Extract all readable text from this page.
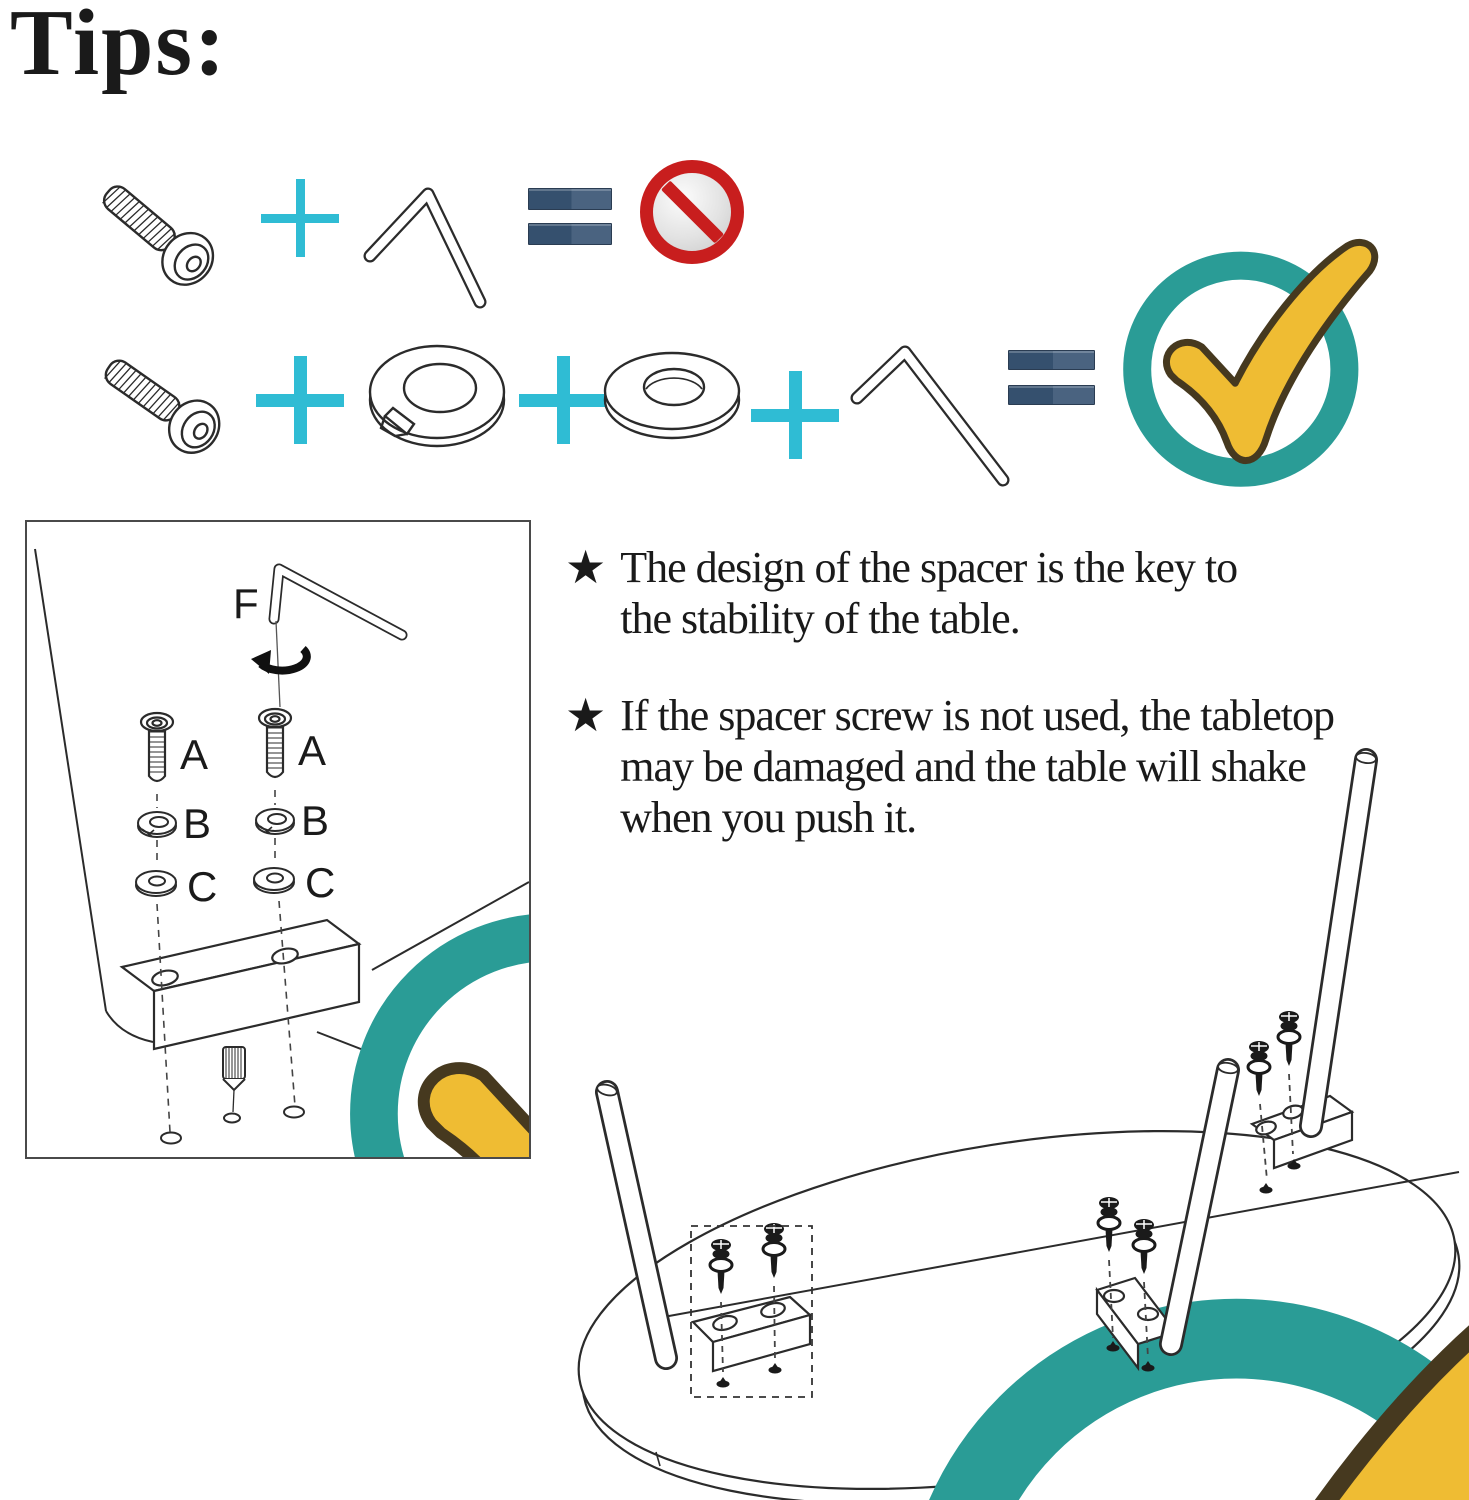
Tips:
F
A A
B B
C C
★ The design of the spacer is the key to
the stability of the table.
★ If the spacer screw is not used, the tabletop
may be damaged and the table will shake
when you push it.
